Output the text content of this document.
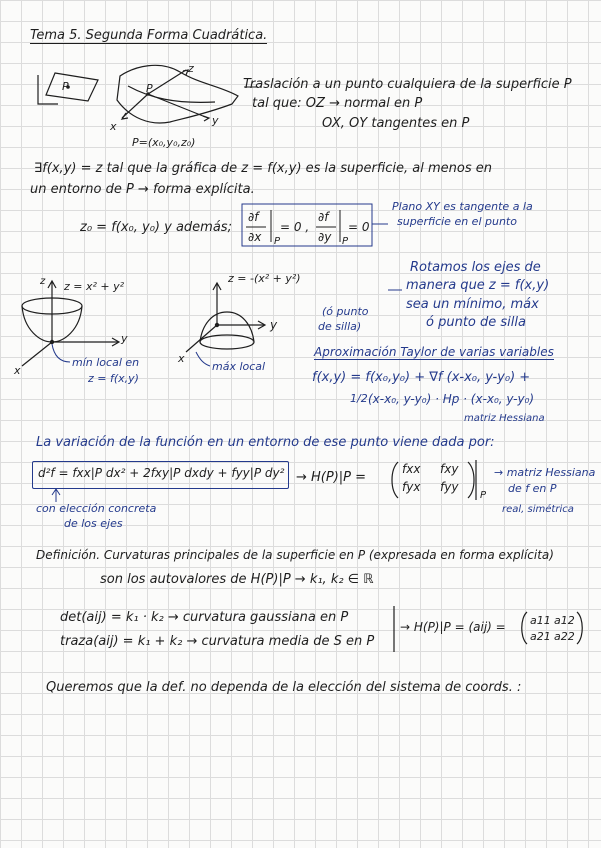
Tema 5. Segunda Forma Cuadrática.
P	P
z
x	y
P=(x₀,y₀,z₀)
Traslación a un punto cualquiera de la superficie P
tal que: OZ → normal en P
OX, OY tangentes en P
∃f(x,y) = z tal que la gráfica de z = f(x,y) es la superficie, al menos en
un entorno de P → forma explícita.
z₀ = f(x₀, y₀) y además;
∂f
∂x P
= 0 ,
∂f
∂y P
= 0
Plano XY es tangente a la
superficie en el punto
z = x² + y²
z
x
y
mín local en
z = f(x,y)
z = -(x² + y²)
x
y
máx local
(ó punto
de silla)
Rotamos los ejes de
manera que z = f(x,y)
sea un mínimo, máx
ó punto de silla
Aproximación Taylor de varias variables
f(x,y) = f(x₀,y₀) + ∇f (x-x₀, y-y₀) +
1/2 (x-x₀, y-y₀) · Hp · (x-x₀, y-y₀)
matriz Hessiana
La variación de la función en un entorno de ese punto viene dada por:
d²f = fxx|P dx² + 2fxy|P dxdy + fyy|P dy² → H(P)|P =
fxx fxy
fyx fyy
P
→ matriz Hessiana
de f en P
real, simétrica
con elección concreta
de los ejes
Definición. Curvaturas principales de la superficie en P (expresada en forma explícita)
son los autovalores de H(P)|P → k₁, k₂ ∈ ℝ
det(aij) = k₁ · k₂ → curvatura gaussiana en P
traza(aij) = k₁ + k₂ → curvatura media de S en P
→ H(P)|P = (aij) = a11 a12
a21 a22
Queremos que la def. no dependa de la elección del sistema de coords. :
